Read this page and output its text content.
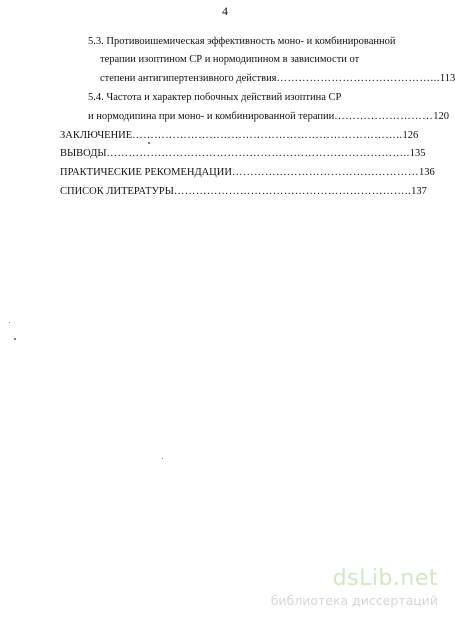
4
5.3. Противоишемическая эффективность моно- и комбинированной
терапии изоптином СР и нормодипином в зависимости от
степени антигипертензивного действия ……………………………………... 113
5.4. Частота и характер побочных действий изоптина СР
и нормодипина при моно- и комбинированной терапии ……………………… 120
ЗАКЛЮЧЕНИЕ ……………………………………………………………….. 126
ВЫВОДЫ ……………………………………………………………………….. 135
ПРАКТИЧЕСКИЕ РЕКОМЕНДАЦИИ …………………………………………… 136
СПИСОК ЛИТЕРАТУРЫ ……………………………………………………….. 137
dsLib.net
библиотека диссертаций
